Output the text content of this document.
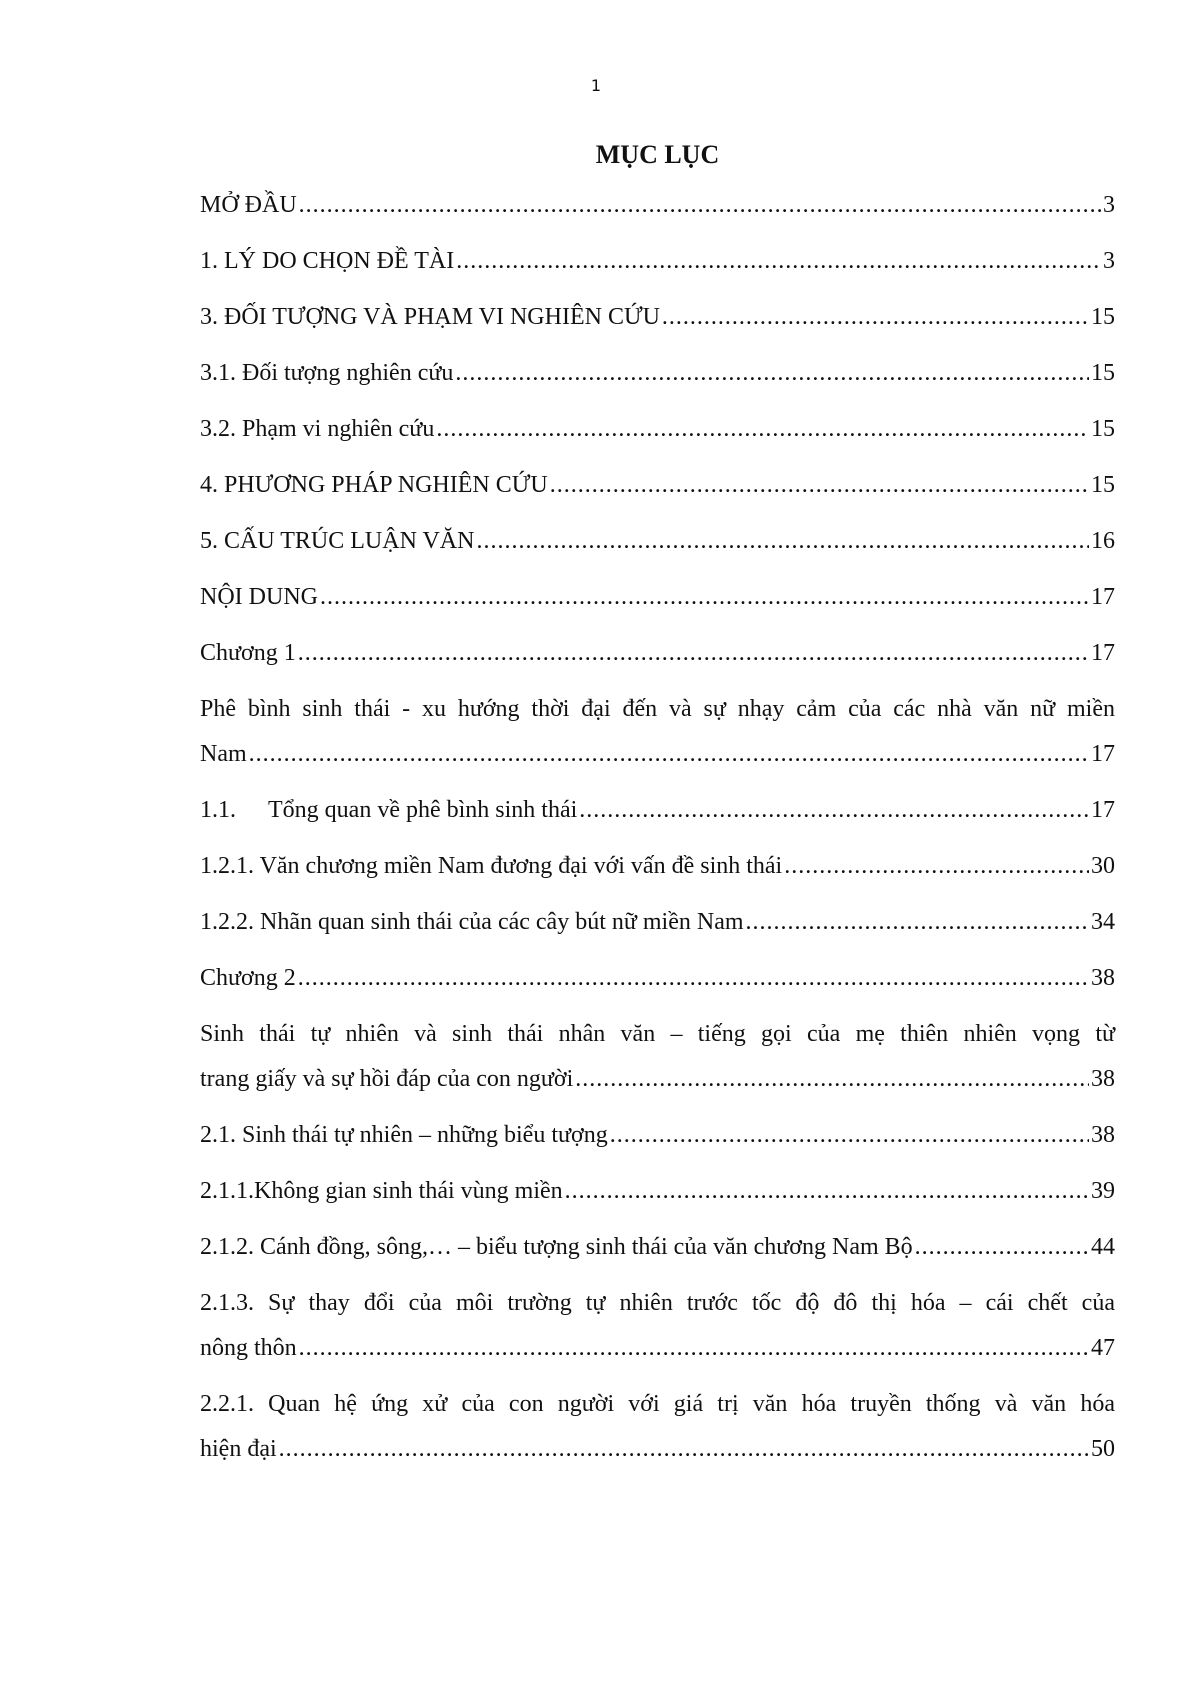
1
MỤC LỤC
MỞ ĐẦU .....	3
1. LÝ DO CHỌN ĐỀ TÀI .....	3
3. ĐỐI TƯỢNG VÀ PHẠM VI NGHIÊN CỨU .....	15
3.1. Đối tượng nghiên cứu .....	15
3.2. Phạm vi nghiên cứu .....	15
4. PHƯƠNG PHÁP NGHIÊN CỨU .....	15
5. CẤU TRÚC LUẬN VĂN .....	16
NỘI DUNG .....	17
Chương 1 .....	17
Phê bình sinh thái - xu hướng thời đại đến và sự nhạy cảm của các nhà văn nữ miền
Nam .....	17
1.1. Tổng quan về phê bình sinh thái .....	17
1.2.1. Văn chương miền Nam đương đại với vấn đề sinh thái .....	30
1.2.2. Nhãn quan sinh thái của các cây bút nữ miền Nam .....	34
Chương 2 .....	38
Sinh thái tự nhiên và sinh thái nhân văn – tiếng gọi của mẹ thiên nhiên vọng từ
trang giấy và sự hồi đáp của con người .....	38
2.1. Sinh thái tự nhiên – những biểu tượng .....	38
2.1.1.Không gian sinh thái vùng miền .....	39
2.1.2. Cánh đồng, sông,… – biểu tượng sinh thái của văn chương Nam Bộ .....	44
2.1.3. Sự thay đổi của môi trường tự nhiên trước tốc độ đô thị hóa – cái chết của
nông thôn .....	47
2.2.1. Quan hệ ứng xử của con người với giá trị văn hóa truyền thống và văn hóa
hiện đại .....	50
